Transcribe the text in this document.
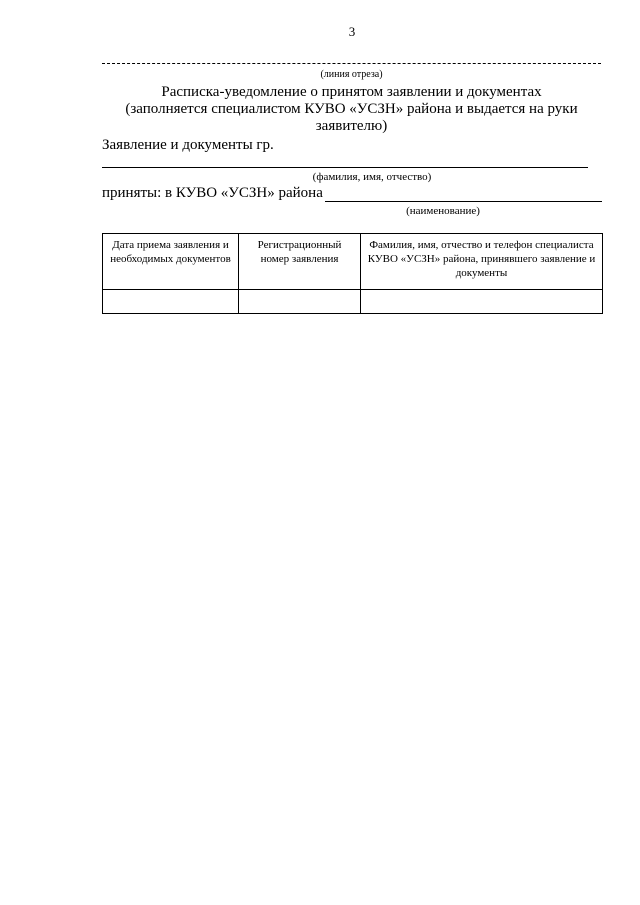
3
(линия отреза)
Расписка-уведомление о принятом заявлении и документах
(заполняется специалистом КУВО «УСЗН» района и выдается на руки заявителю)
Заявление и документы гр.
(фамилия, имя, отчество)
приняты: в КУВО «УСЗН» района
(наименование)
Дата приема заявления и необходимых документов	Регистрационный номер заявления	Фамилия, имя, отчество и телефон специалиста КУВО «УСЗН» района, принявшего заявление и документы
